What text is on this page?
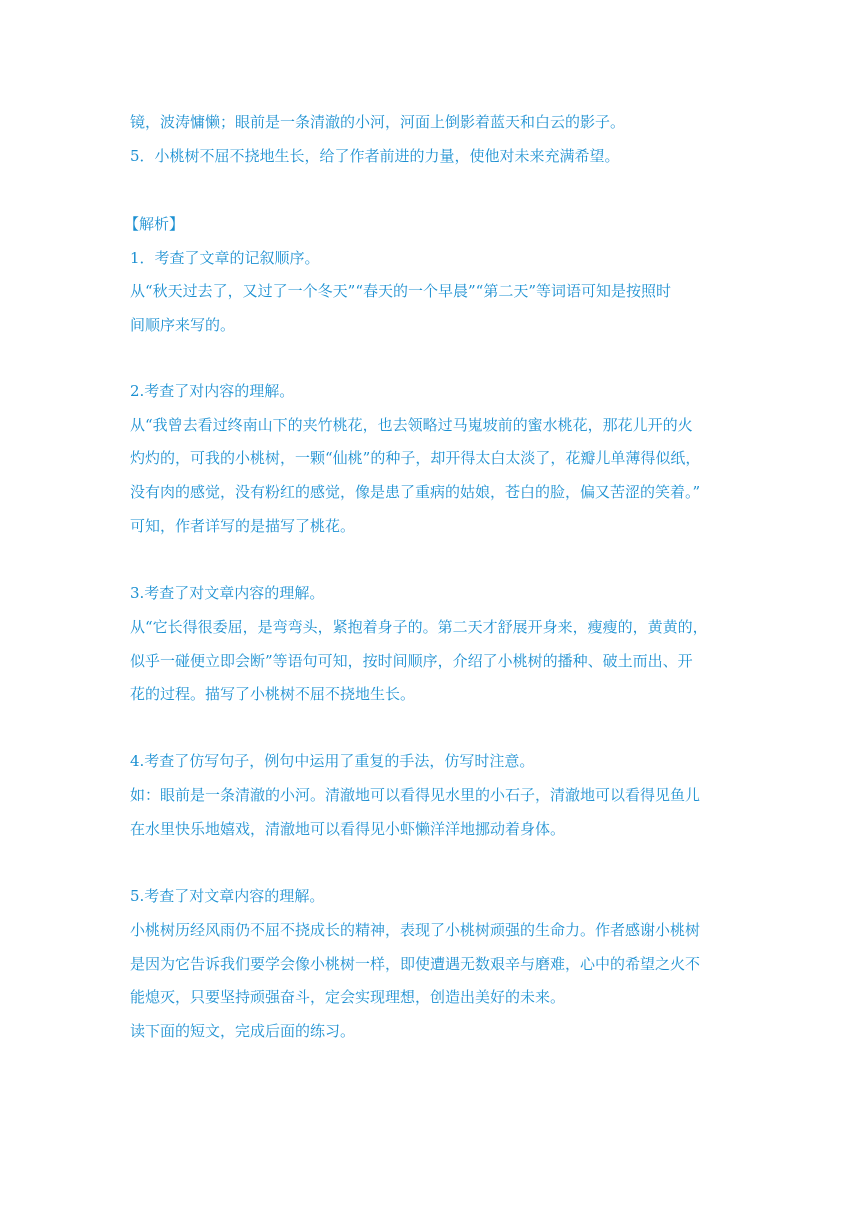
镜，波涛慵懒；眼前是一条清澈的小河，河面上倒影着蓝天和白云的影子。
5．小桃树不屈不挠地生长，给了作者前进的力量，使他对未来充满希望。
【解析】
1．考查了文章的记叙顺序。
从“秋天过去了，又过了一个冬天”“春天的一个早晨”“第二天”等词语可知是按照时
间顺序来写的。
2.考查了对内容的理解。
从“我曾去看过终南山下的夹竹桃花，也去领略过马嵬坡前的蜜水桃花，那花儿开的火
灼灼的，可我的小桃树，一颗“仙桃”的种子，却开得太白太淡了，花瓣儿单薄得似纸，
没有肉的感觉，没有粉红的感觉，像是患了重病的姑娘，苍白的脸，偏又苦涩的笑着。”
可知，作者详写的是描写了桃花。
3.考查了对文章内容的理解。
从“它长得很委屈，是弯弯头，紧抱着身子的。第二天才舒展开身来，瘦瘦的，黄黄的，
似乎一碰便立即会断”等语句可知，按时间顺序，介绍了小桃树的播种、破土而出、开
花的过程。描写了小桃树不屈不挠地生长。
4.考查了仿写句子，例句中运用了重复的手法，仿写时注意。
如：眼前是一条清澈的小河。清澈地可以看得见水里的小石子，清澈地可以看得见鱼儿
在水里快乐地嬉戏，清澈地可以看得见小虾懒洋洋地挪动着身体。
5.考查了对文章内容的理解。
小桃树历经风雨仍不屈不挠成长的精神，表现了小桃树顽强的生命力。作者感谢小桃树
是因为它告诉我们要学会像小桃树一样，即使遭遇无数艰辛与磨难，心中的希望之火不
能熄灭，只要坚持顽强奋斗，定会实现理想，创造出美好的未来。
读下面的短文，完成后面的练习。
